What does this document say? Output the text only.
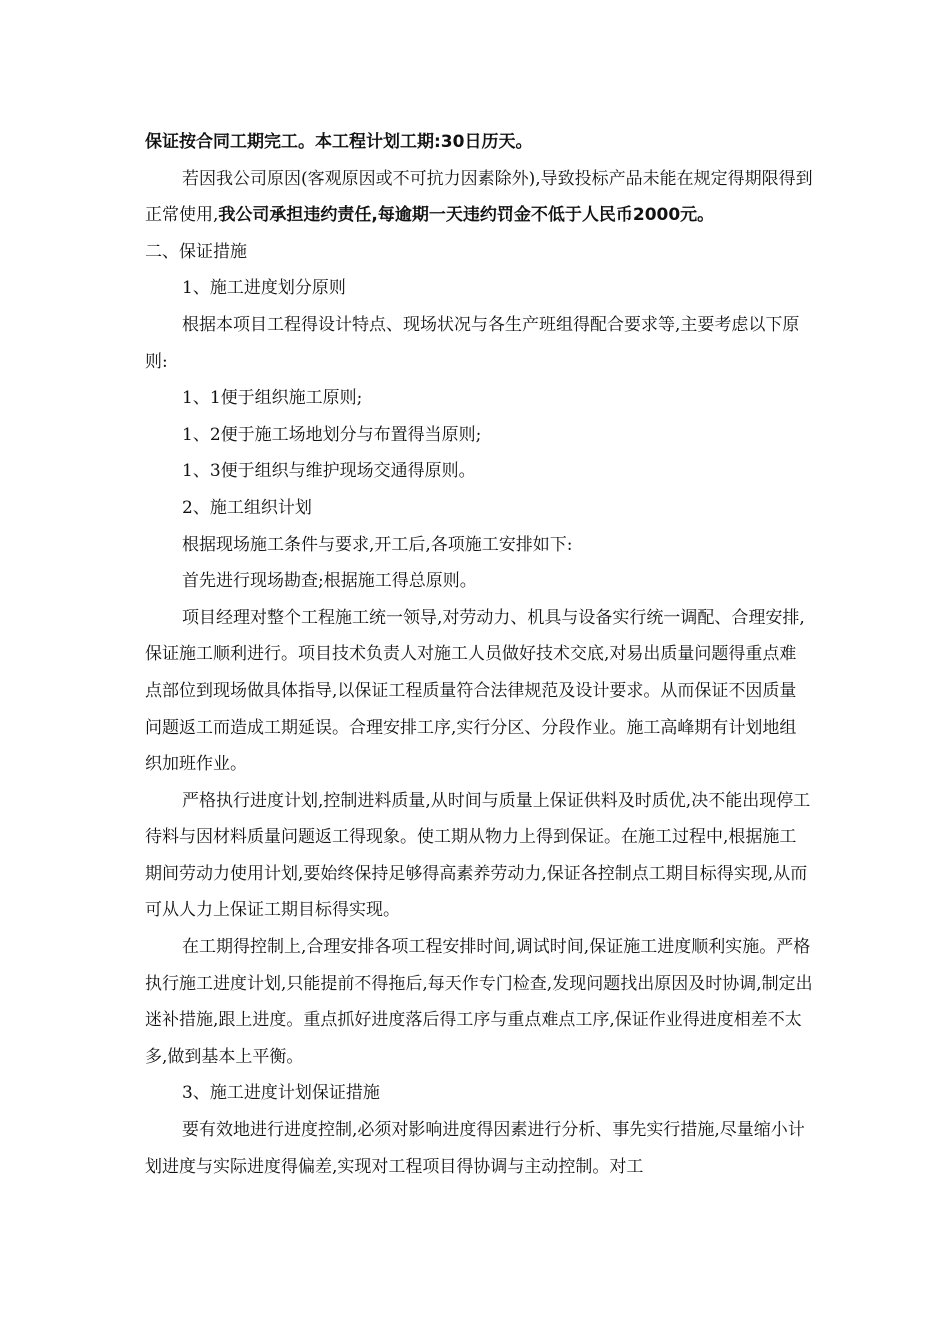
保证按合同工期完工。本工程计划工期:30日历天。

若因我公司原因(客观原因或不可抗力因素除外),导致投标产品未能在规定得期限得到正常使用,我公司承担违约责任,每逾期一天违约罚金不低于人民币2000元。

二、保证措施

1、施工进度划分原则

根据本项目工程得设计特点、现场状况与各生产班组得配合要求等,主要考虑以下原则:

1、1便于组织施工原则;

1、2便于施工场地划分与布置得当原则;

1、3便于组织与维护现场交通得原则。

2、施工组织计划

根据现场施工条件与要求,开工后,各项施工安排如下:

首先进行现场勘查;根据施工得总原则。

项目经理对整个工程施工统一领导,对劳动力、机具与设备实行统一调配、合理安排,保证施工顺利进行。项目技术负责人对施工人员做好技术交底,对易出质量问题得重点难点部位到现场做具体指导,以保证工程质量符合法律规范及设计要求。从而保证不因质量问题返工而造成工期延误。合理安排工序,实行分区、分段作业。施工高峰期有计划地组织加班作业。

严格执行进度计划,控制进料质量,从时间与质量上保证供料及时质优,决不能出现停工待料与因材料质量问题返工得现象。使工期从物力上得到保证。在施工过程中,根据施工期间劳动力使用计划,要始终保持足够得高素养劳动力,保证各控制点工期目标得实现,从而可从人力上保证工期目标得实现。

在工期得控制上,合理安排各项工程安排时间,调试时间,保证施工进度顺利实施。严格执行施工进度计划,只能提前不得拖后,每天作专门检查,发现问题找出原因及时协调,制定出迷补措施,跟上进度。重点抓好进度落后得工序与重点难点工序,保证作业得进度相差不太多,做到基本上平衡。

3、施工进度计划保证措施

要有效地进行进度控制,必须对影响进度得因素进行分析、事先实行措施,尽量缩小计划进度与实际进度得偏差,实现对工程项目得协调与主动控制。对工
